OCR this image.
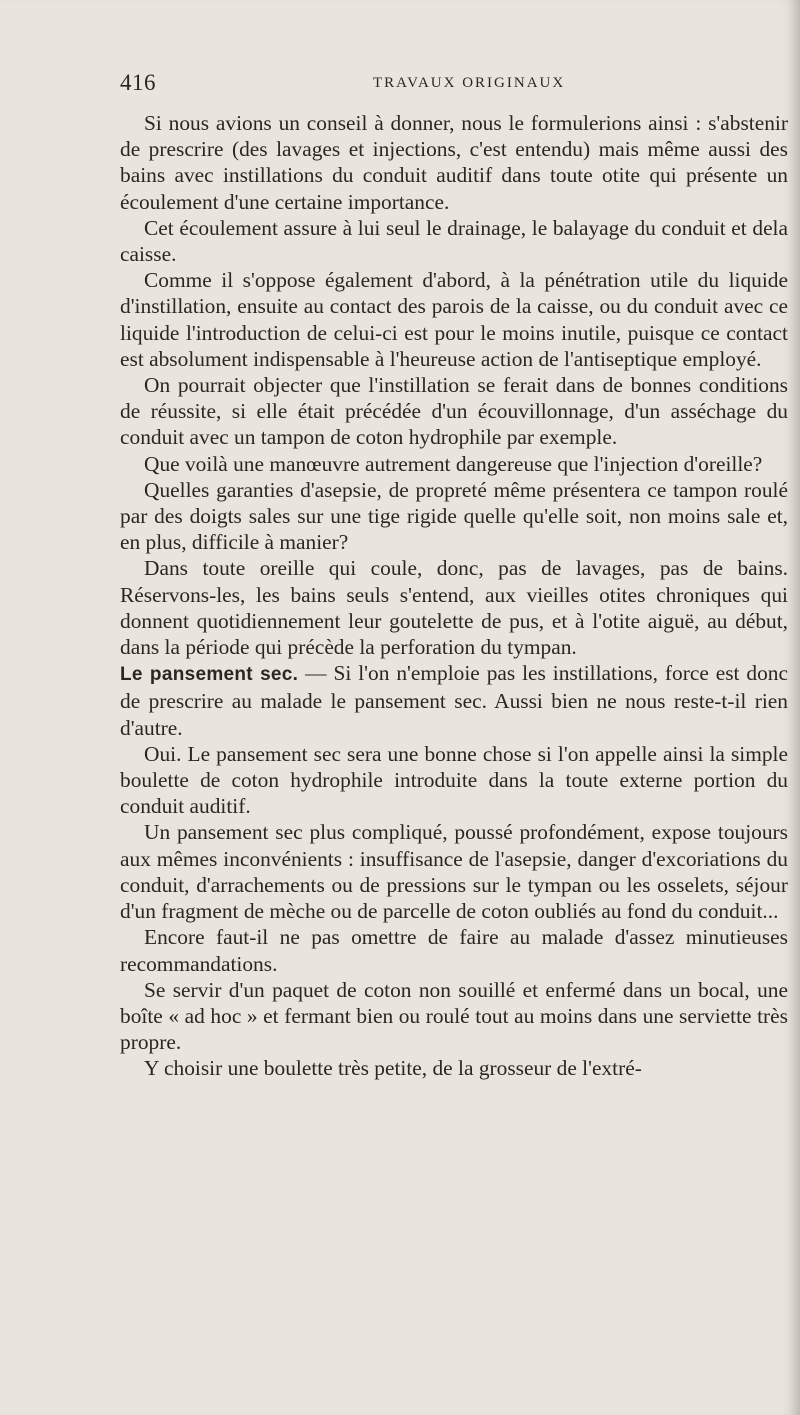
416	TRAVAUX ORIGINAUX

Si nous avions un conseil à donner, nous le formulerions ainsi : s'abstenir de prescrire (des lavages et injections, c'est entendu) mais même aussi des bains avec instillations du conduit auditif dans toute otite qui présente un écoulement d'une certaine importance.

Cet écoulement assure à lui seul le drainage, le balayage du conduit et dela caisse.

Comme il s'oppose également d'abord, à la pénétration utile du liquide d'instillation, ensuite au contact des parois de la caisse, ou du conduit avec ce liquide l'introduction de celui-ci est pour le moins inutile, puisque ce contact est absolument indispensable à l'heureuse action de l'antiseptique employé.

On pourrait objecter que l'instillation se ferait dans de bonnes conditions de réussite, si elle était précédée d'un écouvillonnage, d'un asséchage du conduit avec un tampon de coton hydrophile par exemple.

Que voilà une manœuvre autrement dangereuse que l'injection d'oreille?

Quelles garanties d'asepsie, de propreté même présentera ce tampon roulé par des doigts sales sur une tige rigide quelle qu'elle soit, non moins sale et, en plus, difficile à manier?

Dans toute oreille qui coule, donc, pas de lavages, pas de bains. Réservons-les, les bains seuls s'entend, aux vieilles otites chroniques qui donnent quotidiennement leur goutelette de pus, et à l'otite aiguë, au début, dans la période qui précède la perforation du tympan.

Le pansement sec. — Si l'on n'emploie pas les instillations, force est donc de prescrire au malade le pansement sec. Aussi bien ne nous reste-t-il rien d'autre.

Oui. Le pansement sec sera une bonne chose si l'on appelle ainsi la simple boulette de coton hydrophile introduite dans la toute externe portion du conduit auditif.

Un pansement sec plus compliqué, poussé profondément, expose toujours aux mêmes inconvénients : insuffisance de l'asepsie, danger d'excoriations du conduit, d'arrachements ou de pressions sur le tympan ou les osselets, séjour d'un fragment de mèche ou de parcelle de coton oubliés au fond du conduit...

Encore faut-il ne pas omettre de faire au malade d'assez minutieuses recommandations.

Se servir d'un paquet de coton non souillé et enfermé dans un bocal, une boîte « ad hoc » et fermant bien ou roulé tout au moins dans une serviette très propre.

Y choisir une boulette très petite, de la grosseur de l'extré-
